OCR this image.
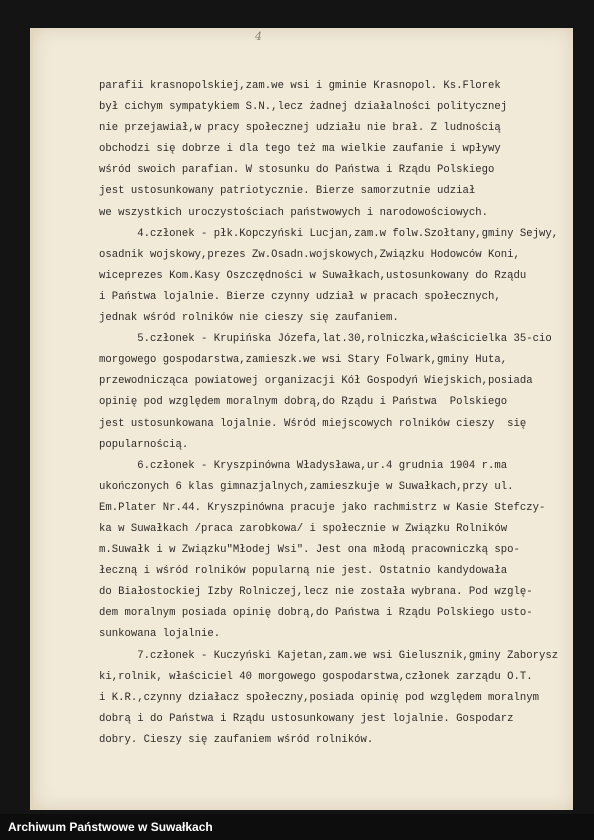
4
parafii krasnopolskiej,zam.we wsi i gminie Krasnopol. Ks.Florek
był cichym sympatykiem S.N.,lecz żadnej działalności politycznej
nie przejawiał,w pracy społecznej udziału nie brał. Z ludnością
obchodzi się dobrze i dla tego też ma wielkie zaufanie i wpływy
wśród swoich parafian. W stosunku do Państwa i Rządu Polskiego
jest ustosunkowany patriotycznie. Bierze samorzutnie udział
we wszystkich uroczystościach państwowych i narodowościowych.
4.członek - płk.Kopczyński Lucjan,zam.w folw.Szołtany,gminy Sejwy,
osadnik wojskowy,prezes Zw.Osadn.wojskowych,Związku Hodowców Koni,
wiceprezes Kom.Kasy Oszczędności w Suwałkach,ustosunkowany do Rządu
i Państwa lojalnie. Bierze czynny udział w pracach społecznych,
jednak wśród rolników nie cieszy się zaufaniem.
5.członek - Krupińska Józefa,lat.30,rolniczka,właścicielka 35-cio
morgowego gospodarstwa,zamieszk.we wsi Stary Folwark,gminy Huta,
przewodnicząca powiatowej organizacji Kół Gospodyń Wiejskich,posiada
opinię pod względem moralnym dobrą,do Rządu i Państwa  Polskiego
jest ustosunkowana lojalnie. Wśród miejscowych rolników cieszy  się
popularnością.
6.członek - Kryszpinówna Władysława,ur.4 grudnia 1904 r.ma
ukończonych 6 klas gimnazjalnych,zamieszkuje w Suwałkach,przy ul.
Em.Plater Nr.44. Kryszpinówna pracuje jako rachmistrz w Kasie Stefczy-
ka w Suwałkach /praca zarobkowa/ i społecznie w Związku Rolników
m.Suwałk i w Związku"Młodej Wsi". Jest ona młodą pracowniczką spo-
łeczną i wśród rolników popularną nie jest. Ostatnio kandydowała
do Białostockiej Izby Rolniczej,lecz nie została wybrana. Pod wzglę-
dem moralnym posiada opinię dobrą,do Państwa i Rządu Polskiego usto-
sunkowana lojalnie.
7.członek - Kuczyński Kajetan,zam.we wsi Gielusznik,gminy Zaborysz
ki,rolnik, właściciel 40 morgowego gospodarstwa,członek zarządu O.T.
i K.R.,czynny działacz społeczny,posiada opinię pod względem moralnym
dobrą i do Państwa i Rządu ustosunkowany jest lojalnie. Gospodarz
dobry. Cieszy się zaufaniem wśród rolników.
Archiwum Państwowe w Suwałkach
